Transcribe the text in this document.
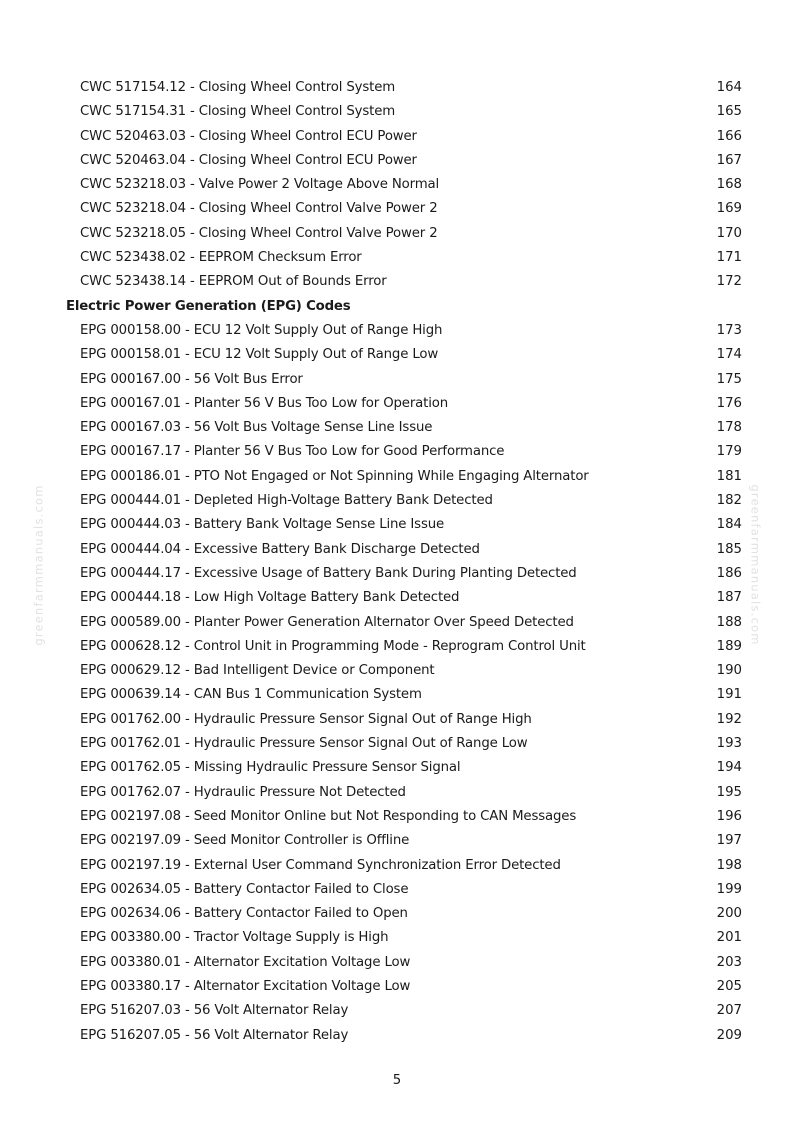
greenfarmmanuals.com	greenfarmmanuals.com
CWC 517154.12 - Closing Wheel Control System	164
CWC 517154.31 - Closing Wheel Control System	165
CWC 520463.03 - Closing Wheel Control ECU Power	166
CWC 520463.04 - Closing Wheel Control ECU Power	167
CWC 523218.03 - Valve Power 2 Voltage Above Normal	168
CWC 523218.04 - Closing Wheel Control Valve Power 2	169
CWC 523218.05 - Closing Wheel Control Valve Power 2	170
CWC 523438.02 - EEPROM Checksum Error	171
CWC 523438.14 - EEPROM Out of Bounds Error	172
Electric Power Generation (EPG) Codes
EPG 000158.00 - ECU 12 Volt Supply Out of Range High	173
EPG 000158.01 - ECU 12 Volt Supply Out of Range Low	174
EPG 000167.00 - 56 Volt Bus Error	175
EPG 000167.01 - Planter 56 V Bus Too Low for Operation	176
EPG 000167.03 - 56 Volt Bus Voltage Sense Line Issue	178
EPG 000167.17 - Planter 56 V Bus Too Low for Good Performance	179
EPG 000186.01 - PTO Not Engaged or Not Spinning While Engaging Alternator	181
EPG 000444.01 - Depleted High-Voltage Battery Bank Detected	182
EPG 000444.03 - Battery Bank Voltage Sense Line Issue	184
EPG 000444.04 - Excessive Battery Bank Discharge Detected	185
EPG 000444.17 - Excessive Usage of Battery Bank During Planting Detected	186
EPG 000444.18 - Low High Voltage Battery Bank Detected	187
EPG 000589.00 - Planter Power Generation Alternator Over Speed Detected	188
EPG 000628.12 - Control Unit in Programming Mode - Reprogram Control Unit	189
EPG 000629.12 - Bad Intelligent Device or Component	190
EPG 000639.14 - CAN Bus 1 Communication System	191
EPG 001762.00 - Hydraulic Pressure Sensor Signal Out of Range High	192
EPG 001762.01 - Hydraulic Pressure Sensor Signal Out of Range Low	193
EPG 001762.05 - Missing Hydraulic Pressure Sensor Signal	194
EPG 001762.07 - Hydraulic Pressure Not Detected	195
EPG 002197.08 - Seed Monitor Online but Not Responding to CAN Messages	196
EPG 002197.09 - Seed Monitor Controller is Offline	197
EPG 002197.19 - External User Command Synchronization Error Detected	198
EPG 002634.05 - Battery Contactor Failed to Close	199
EPG 002634.06 - Battery Contactor Failed to Open	200
EPG 003380.00 - Tractor Voltage Supply is High	201
EPG 003380.01 - Alternator Excitation Voltage Low	203
EPG 003380.17 - Alternator Excitation Voltage Low	205
EPG 516207.03 - 56 Volt Alternator Relay	207
EPG 516207.05 - 56 Volt Alternator Relay	209
5
